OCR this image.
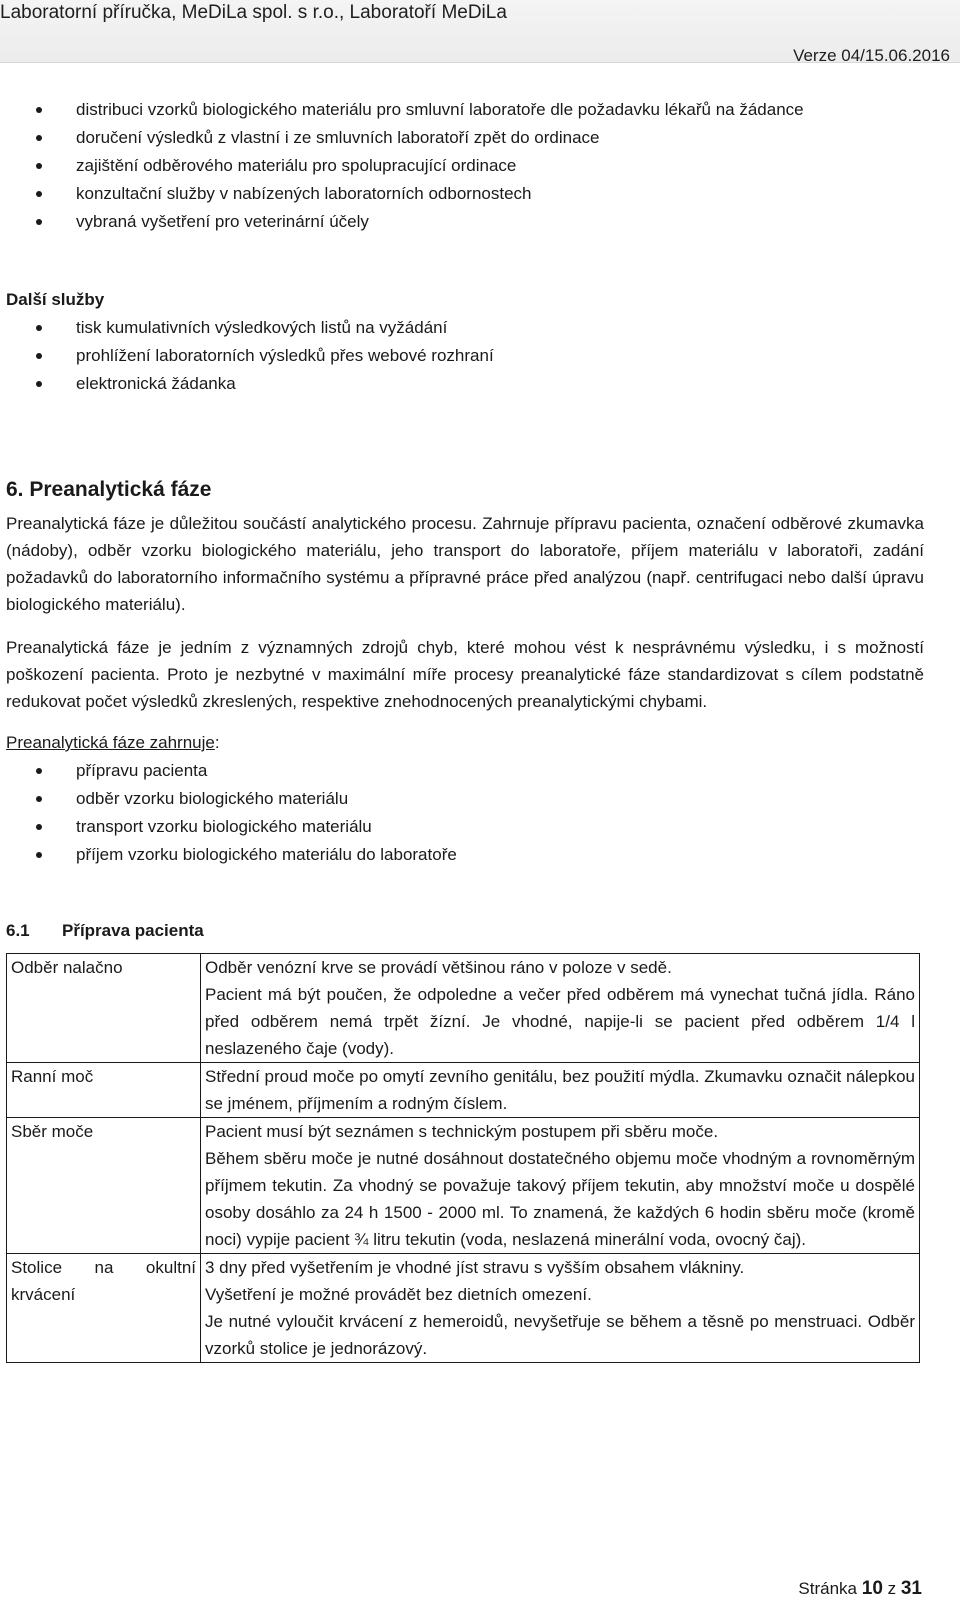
Laboratorní příručka, MeDiLa spol. s r.o., Laboratoří MeDiLa
Verze 04/15.06.2016
distribuci vzorků biologického materiálu pro smluvní laboratoře dle požadavku lékařů na žádance
doručení výsledků z vlastní i ze smluvních laboratoří zpět do ordinace
zajištění odběrového materiálu pro spolupracující ordinace
konzultační služby v nabízených laboratorních odbornostech
vybraná vyšetření pro veterinární účely
Další služby
tisk kumulativních výsledkových listů na vyžádání
prohlížení laboratorních výsledků přes webové rozhraní
elektronická žádanka
6. Preanalytická fáze

Preanalytická fáze je důležitou součástí analytického procesu. Zahrnuje přípravu pacienta, označení odběrové zkumavka (nádoby), odběr vzorku biologického materiálu, jeho transport do laboratoře, příjem materiálu v laboratoři, zadání požadavků do laboratorního informačního systému a přípravné práce před analýzou (např. centrifugaci nebo další úpravu biologického materiálu).

Preanalytická fáze je jedním z významných zdrojů chyb, které mohou vést k nesprávnému výsledku, i s možností poškození pacienta. Proto je nezbytné v maximální míře procesy preanalytické fáze standardizovat s cílem podstatně redukovat počet výsledků zkreslených, respektive znehodnocených preanalytickými chybami.

Preanalytická fáze zahrnuje:
přípravu pacienta
odběr vzorku biologického materiálu
transport vzorku biologického materiálu
příjem vzorku biologického materiálu do laboratoře
6.1 Příprava pacienta
Odběr nalačno	Odběr venózní krve se provádí většinou ráno v poloze v sedě.
Pacient má být poučen, že odpoledne a večer před odběrem má vynechat tučná jídla. Ráno před odběrem nemá trpět žízní. Je vhodné, napije-li se pacient před odběrem 1/4 l neslazeného čaje (vody).

Ranní moč	Střední proud moče po omytí zevního genitálu, bez použití mýdla. Zkumavku označit nálepkou se jménem, příjmením a rodným číslem.

Sběr moče	Pacient musí být seznámen s technickým postupem při sběru moče.
Během sběru moče je nutné dosáhnout dostatečného objemu moče vhodným a rovnoměrným příjmem tekutin. Za vhodný se považuje takový příjem tekutin, aby množství moče u dospělé osoby dosáhlo za 24 h 1500 - 2000 ml. To znamená, že každých 6 hodin sběru moče (kromě noci) vypije pacient ¾ litru tekutin (voda, neslazená minerální voda, ovocný čaj).

Stolice na okultní krvácení	3 dny před vyšetřením je vhodné jíst stravu s vyšším obsahem vlákniny.
Vyšetření je možné provádět bez dietních omezení.
Je nutné vyloučit krvácení z hemeroidů, nevyšetřuje se během a těsně po menstruaci. Odběr vzorků stolice je jednorázový.
Stránka 10 z 31
